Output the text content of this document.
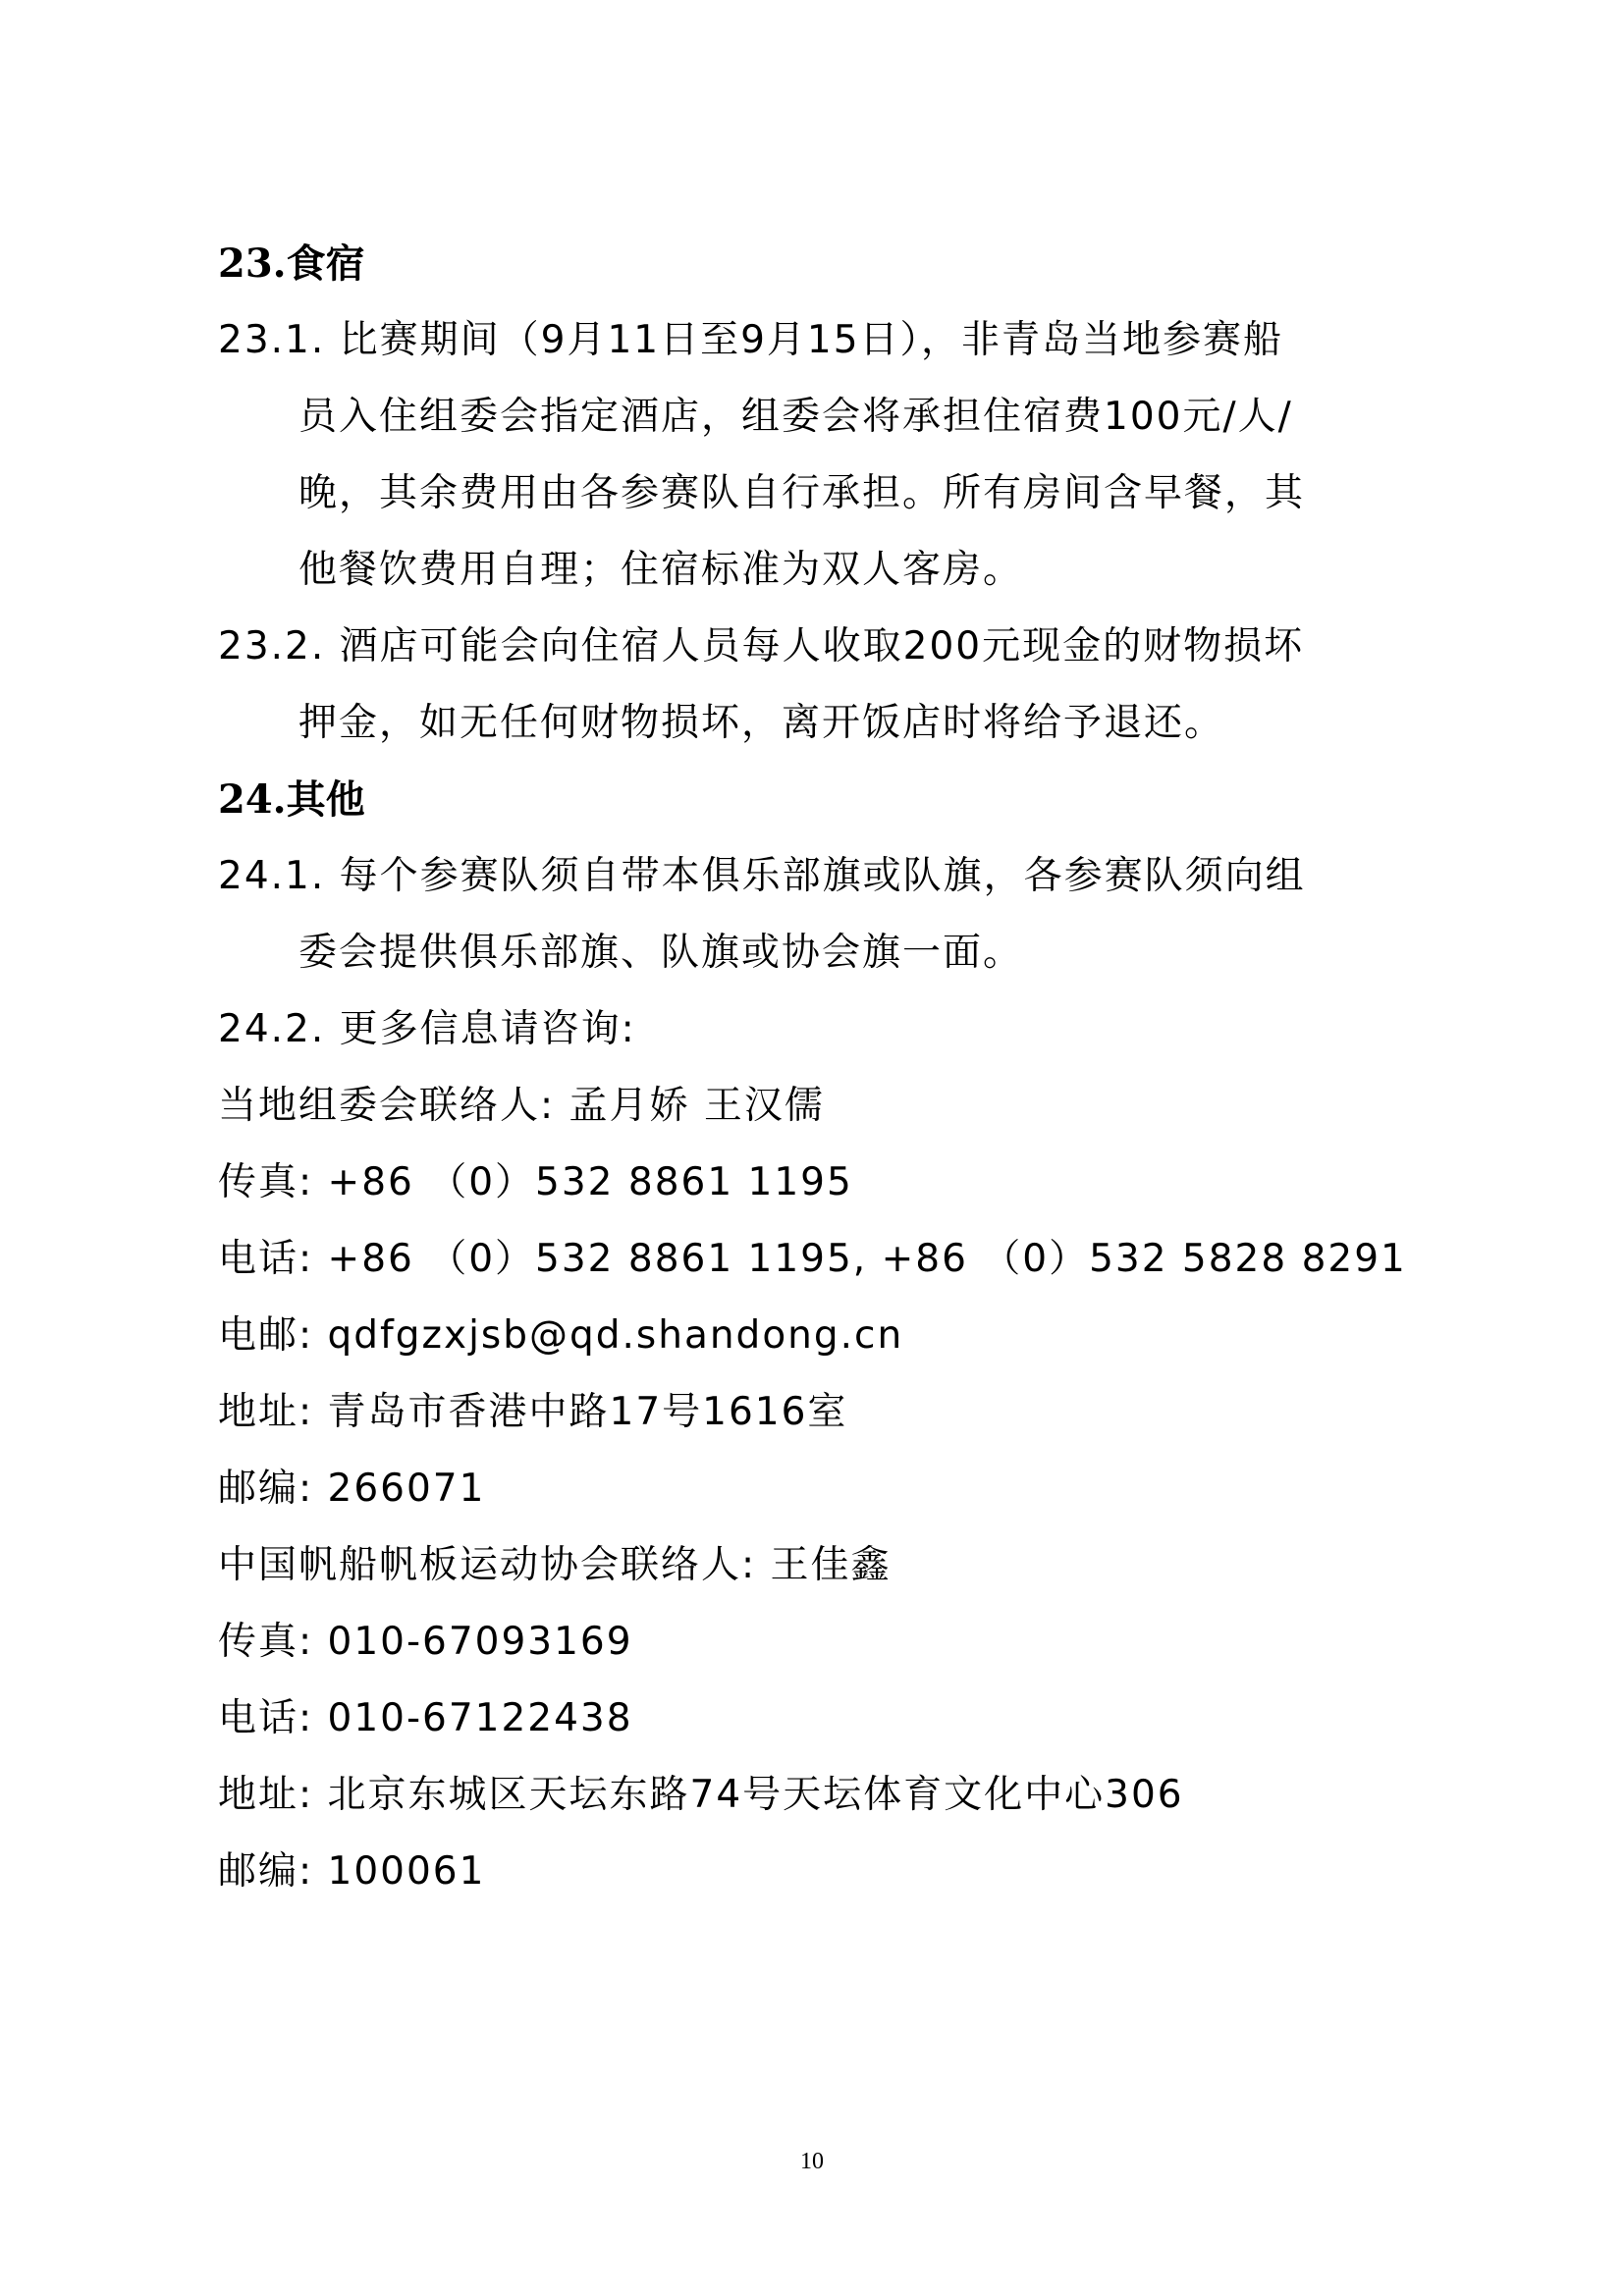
23.食宿
23.1. 比赛期间（9月11日至9月15日），非青岛当地参赛船
员入住组委会指定酒店，组委会将承担住宿费100元/人/
晚，其余费用由各参赛队自行承担。所有房间含早餐，其
他餐饮费用自理；住宿标准为双人客房。
23.2. 酒店可能会向住宿人员每人收取200元现金的财物损坏
押金，如无任何财物损坏，离开饭店时将给予退还。
24.其他
24.1. 每个参赛队须自带本俱乐部旗或队旗，各参赛队须向组
委会提供俱乐部旗、队旗或协会旗一面。
24.2. 更多信息请咨询:
当地组委会联络人: 孟月娇 王汉儒
传真: +86 （0）532 8861 1195
电话: +86 （0）532 8861 1195, +86 （0）532 5828 8291
电邮: qdfgzxjsb@qd.shandong.cn
地址: 青岛市香港中路17号1616室
邮编: 266071
中国帆船帆板运动协会联络人: 王佳鑫
传真: 010-67093169
电话: 010-67122438
地址: 北京东城区天坛东路74号天坛体育文化中心306
邮编: 100061
10
